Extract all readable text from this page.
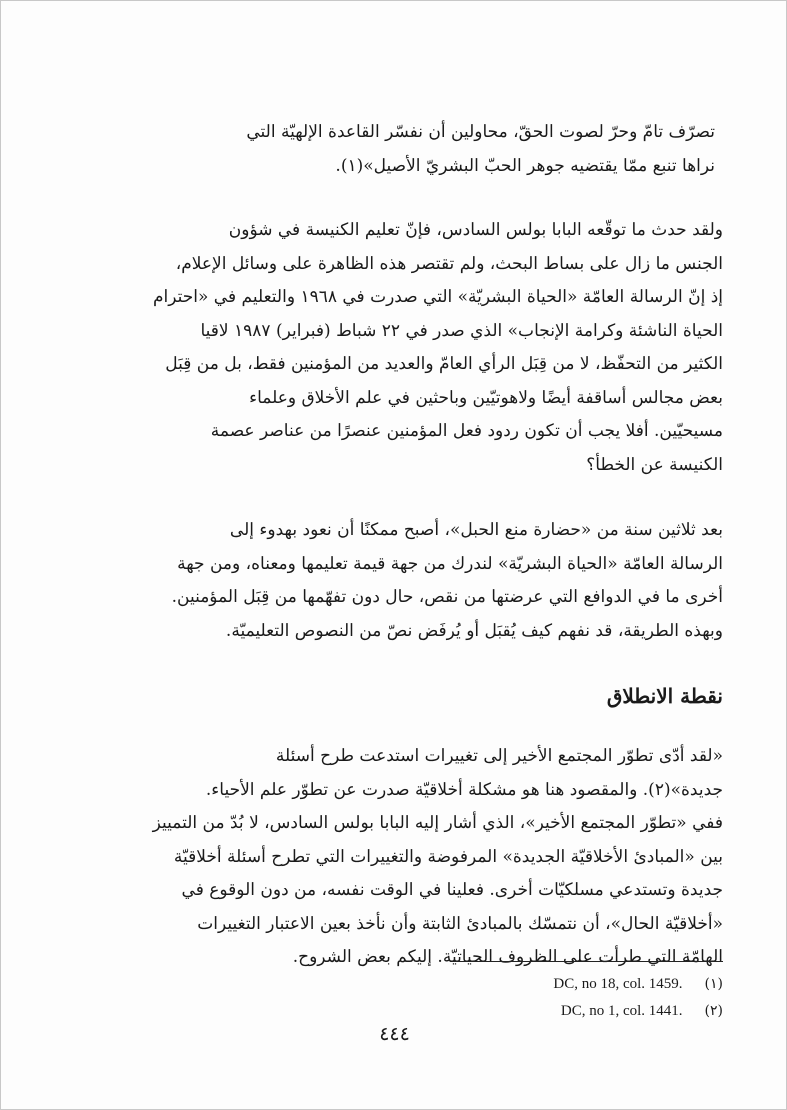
تصرّف تامّ وحرّ لصوت الحقّ، محاولين أن نفسّر القاعدة الإلهيّة التي
نراها تنبع ممّا يقتضيه جوهر الحبّ البشريّ الأصيل»(١).
ولقد حدث ما توقّعه البابا بولس السادس، فإنّ تعليم الكنيسة في شؤون
الجنس ما زال على بساط البحث، ولم تقتصر هذه الظاهرة على وسائل الإعلام،
إذ إنّ الرسالة العامّة «الحياة البشريّة» التي صدرت في ١٩٦٨ والتعليم في «احترام
الحياة الناشئة وكرامة الإنجاب» الذي صدر في ٢٢ شباط (فبراير) ١٩٨٧ لاقيا
الكثير من التحفّظ، لا من قِبَل الرأي العامّ والعديد من المؤمنين فقط، بل من قِبَل
بعض مجالس أساقفة أيضًا ولاهوتيّين وباحثين في علم الأخلاق وعلماء
مسيحيّين. أفلا يجب أن تكون ردود فعل المؤمنين عنصرًا من عناصر عصمة
الكنيسة عن الخطأ؟
بعد ثلاثين سنة من «حضارة منع الحبل»، أصبح ممكنًا أن نعود بهدوء إلى
الرسالة العامّة «الحياة البشريّة» لندرك من جهة قيمة تعليمها ومعناه، ومن جهة
أخرى ما في الدوافع التي عرضتها من نقص، حال دون تفهّمها من قِبَل المؤمنين.
وبهذه الطريقة، قد نفهم كيف يُقبَل أو يُرفَض نصّ من النصوص التعليميّة.
نقطة الانطلاق
«لقد أدّى تطوّر المجتمع الأخير إلى تغييرات استدعت طرح أسئلة
جديدة»(٢). والمقصود هنا هو مشكلة أخلاقيّة صدرت عن تطوّر علم الأحياء.
ففي «تطوّر المجتمع الأخير»، الذي أشار إليه البابا بولس السادس، لا بُدّ من التمييز
بين «المبادئ الأخلاقيّة الجديدة» المرفوضة والتغييرات التي تطرح أسئلة أخلاقيّة
جديدة وتستدعي مسلكيّات أخرى. فعلينا في الوقت نفسه، من دون الوقوع في
«أخلاقيّة الحال»، أن نتمسّك بالمبادئ الثابتة وأن نأخذ بعين الاعتبار التغييرات
الهامّة التي طرأت على الظروف الحياتيّة. إليكم بعض الشروح.
DC, no 18, col. 1459. (١)
DC, no 1, col. 1441. (٢)
٤٤٤
